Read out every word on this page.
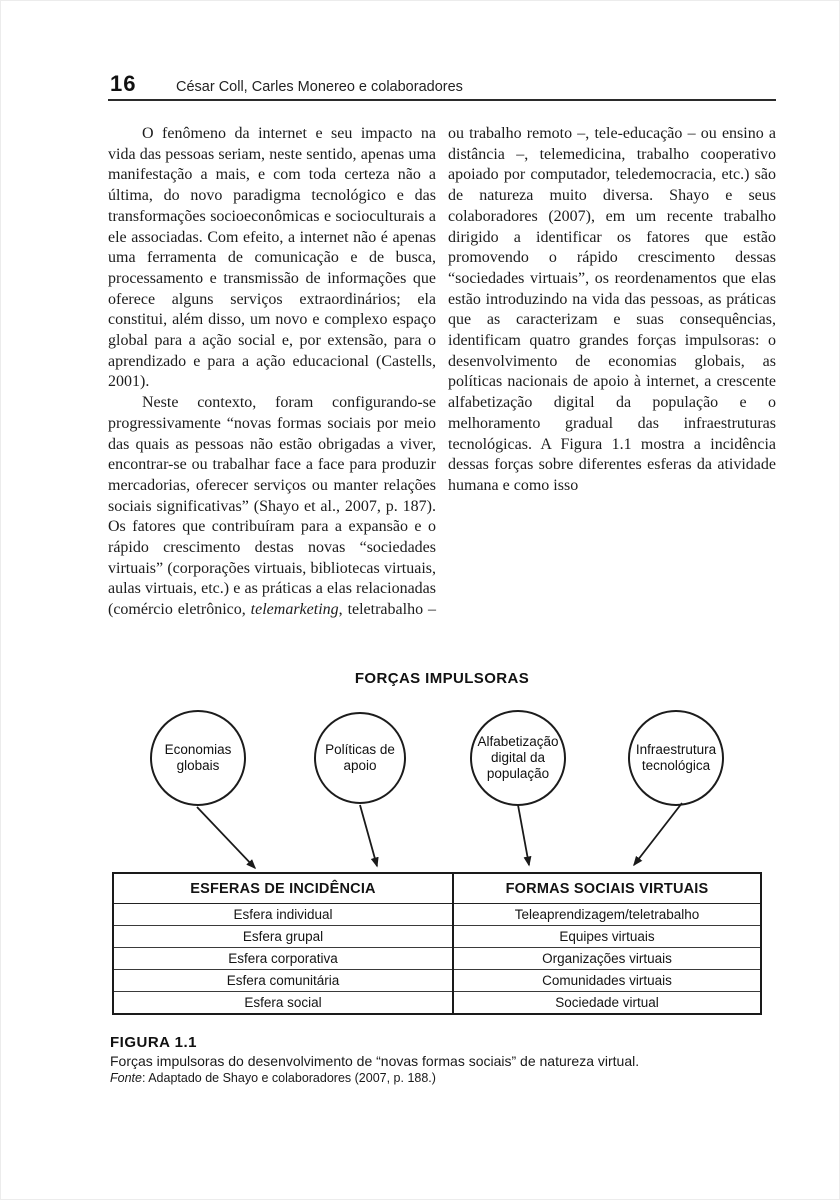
16	César Coll, Carles Monereo e colaboradores

O fenômeno da internet e seu impacto na vida das pessoas seriam, neste sentido, apenas uma manifestação a mais, e com toda certeza não a última, do novo paradigma tecnológico e das transformações socioeconômicas e socioculturais a ele associadas. Com efeito, a internet não é apenas uma ferramenta de comunicação e de busca, processamento e transmissão de informações que oferece alguns serviços extraordinários; ela constitui, além disso, um novo e complexo espaço global para a ação social e, por extensão, para o aprendizado e para a ação educacional (Castells, 2001).

Neste contexto, foram configurando-se progressivamente “novas formas sociais por meio das quais as pessoas não estão obrigadas a viver, encontrar-se ou trabalhar face a face para produzir mercadorias, oferecer serviços ou manter relações sociais significativas” (Shayo et al., 2007, p. 187). Os fatores que contribuíram para a expansão e o rápido crescimento destas novas “sociedades virtuais” (corporações virtuais, bibliotecas virtuais, aulas virtuais, etc.) e as práticas a elas relacionadas (comércio eletrônico, telemarketing, teletrabalho – ou trabalho remoto –, tele-educação – ou ensino a distância –, telemedicina, trabalho cooperativo apoiado por computador, teledemocracia, etc.) são de natureza muito diversa. Shayo e seus colaboradores (2007), em um recente trabalho dirigido a identificar os fatores que estão promovendo o rápido crescimento dessas “sociedades virtuais”, os reordenamentos que elas estão introduzindo na vida das pessoas, as práticas que as caracterizam e suas consequências, identificam quatro grandes forças impulsoras: o desenvolvimento de economias globais, as políticas nacionais de apoio à internet, a crescente alfabetização digital da população e o melhoramento gradual das infraestruturas tecnológicas. A Figura 1.1 mostra a incidência dessas forças sobre diferentes esferas da atividade humana e como isso

FORÇAS IMPULSORAS
Economias globais
Políticas de apoio
Alfabetização digital da população
Infraestrutura tecnológica
ESFERAS DE INCIDÊNCIA	FORMAS SOCIAIS VIRTUAIS
Esfera individual	Teleaprendizagem/teletrabalho
Esfera grupal	Equipes virtuais
Esfera corporativa	Organizações virtuais
Esfera comunitária	Comunidades virtuais
Esfera social	Sociedade virtual
FIGURA 1.1
Forças impulsoras do desenvolvimento de “novas formas sociais” de natureza virtual.
Fonte: Adaptado de Shayo e colaboradores (2007, p. 188.)
